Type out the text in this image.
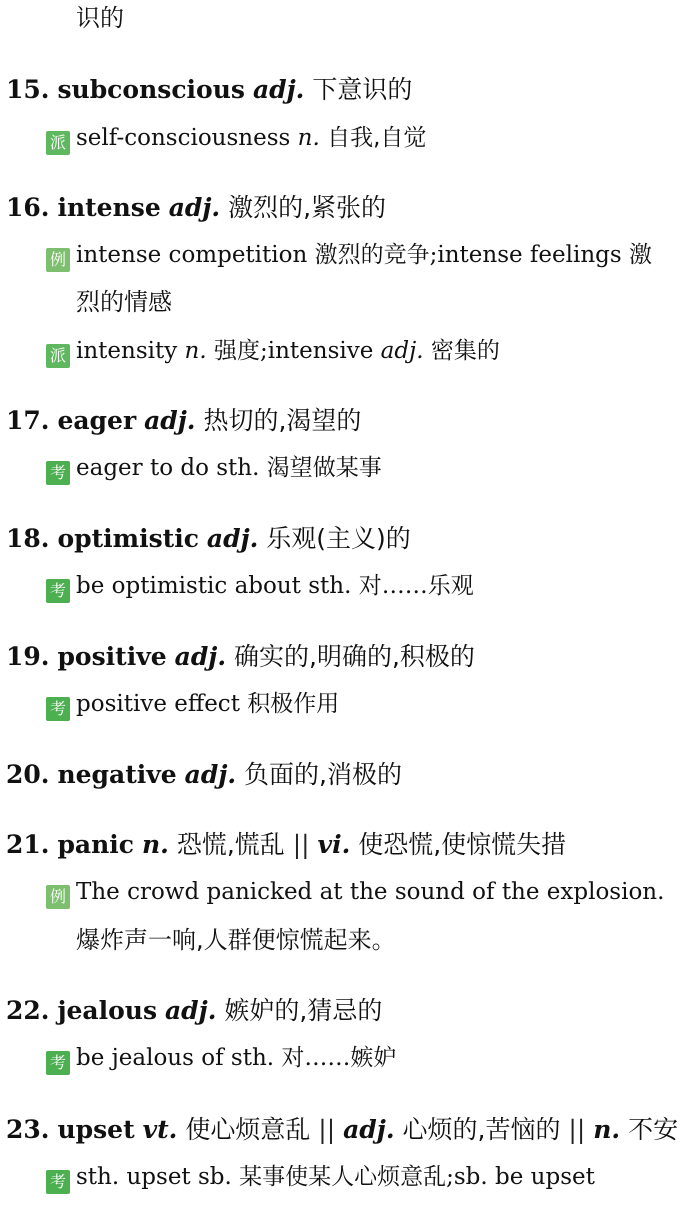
识的
15. subconscious adj. 下意识的
派 self-consciousness n. 自我,自觉
16. intense adj. 激烈的,紧张的
例 intense competition 激烈的竞争;intense feelings 激
烈的情感
派 intensity n. 强度;intensive adj. 密集的
17. eager adj. 热切的,渴望的
考 eager to do sth. 渴望做某事
18. optimistic adj. 乐观(主义)的
考 be optimistic about sth. 对……乐观
19. positive adj. 确实的,明确的,积极的
考 positive effect 积极作用
20. negative adj. 负面的,消极的
21. panic n. 恐慌,慌乱 || vi. 使恐慌,使惊慌失措
例 The crowd panicked at the sound of the explosion.
爆炸声一响,人群便惊慌起来。
22. jealous adj. 嫉妒的,猜忌的
考 be jealous of sth. 对……嫉妒
23. upset vt. 使心烦意乱 || adj. 心烦的,苦恼的 || n. 不安
考 sth. upset sb. 某事使某人心烦意乱;sb. be upset
